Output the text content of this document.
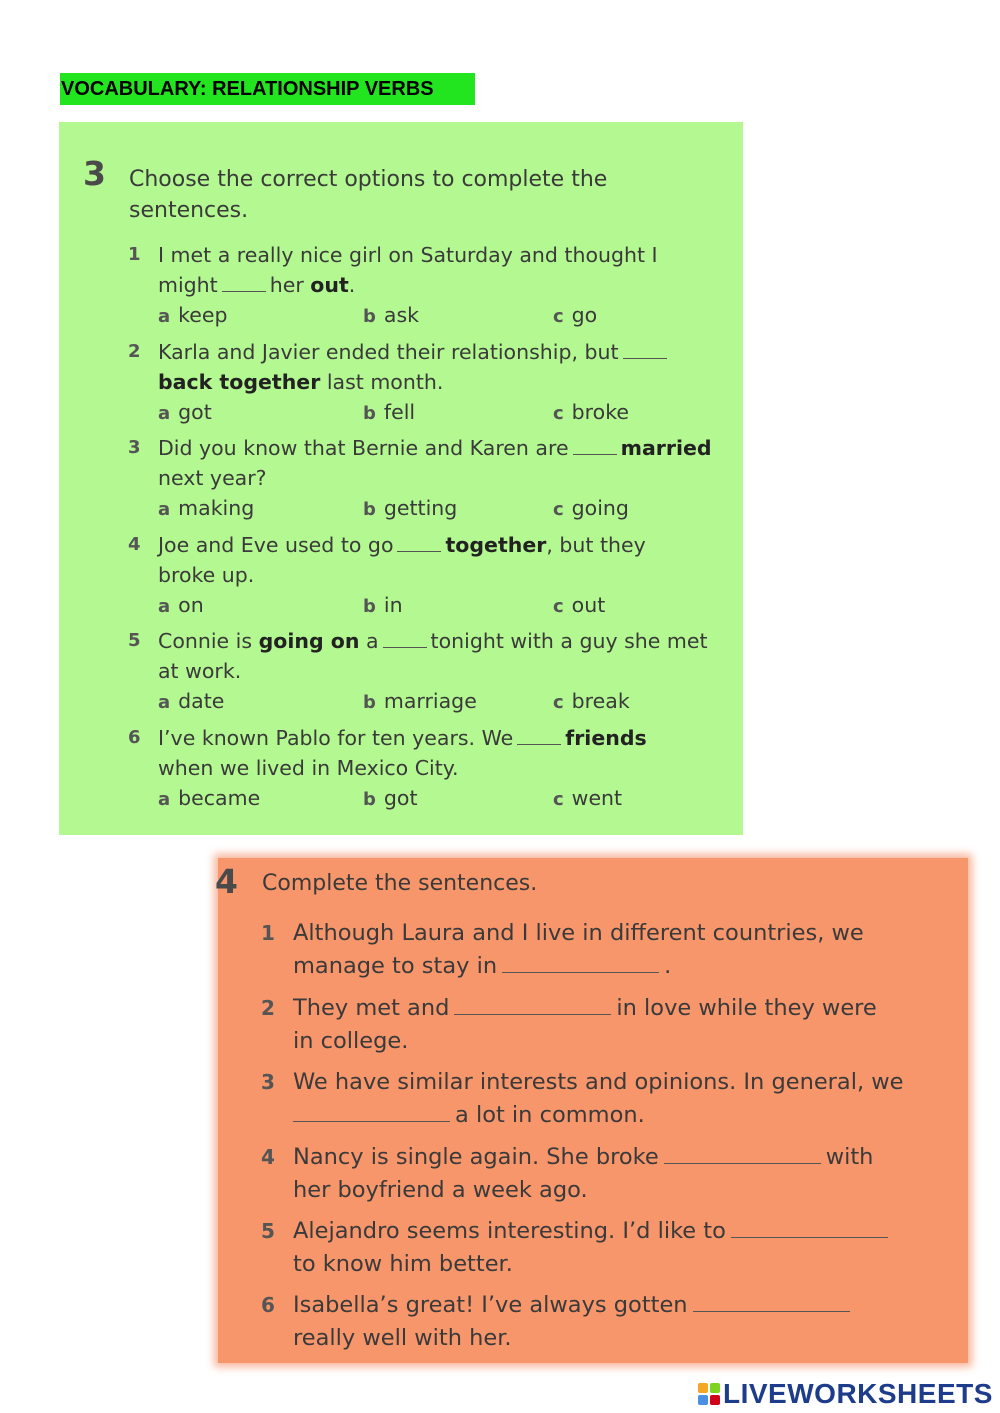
VOCABULARY: RELATIONSHIP VERBS
3 Choose the correct options to complete the
sentences.
1 I met a really nice girl on Saturday and thought I
might	her out.
a keep	b ask	c go
2 Karla and Javier ended their relationship, but
back together last month.
a got	b fell	c broke
3 Did you know that Bernie and Karen are	married
next year?
a making	b getting	c going
4 Joe and Eve used to go	together, but they
broke up.
a on	b in	c out
5 Connie is going on a	tonight with a guy she met
at work.
a date	b marriage	c break
6 I’ve known Pablo for ten years. We	friends
when we lived in Mexico City.
a became	b got	c went
4 Complete the sentences.
1 Although Laura and I live in different countries, we
manage to stay in	.
2 They met and	in love while they were
in college.
3 We have similar interests and opinions. In general, we
a lot in common.
4 Nancy is single again. She broke	with
her boyfriend a week ago.
5 Alejandro seems interesting. I’d like to
to know him better.
6 Isabella’s great! I’ve always gotten
really well with her.
LIVEWORKSHEETS
